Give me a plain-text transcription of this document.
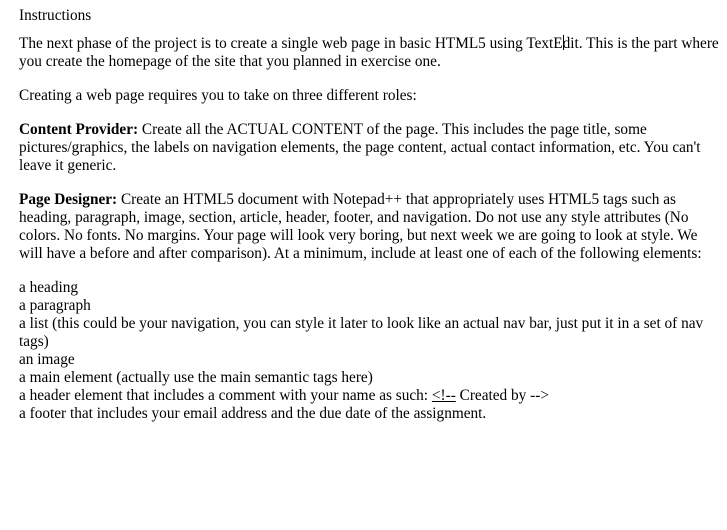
Instructions

The next phase of the project is to create a single web page in basic HTML5 using TextEdit. This is the part where you create the homepage of the site that you planned in exercise one.

Creating a web page requires you to take on three different roles:

Content Provider: Create all the ACTUAL CONTENT of the page. This includes the page title, some pictures/graphics, the labels on navigation elements, the page content, actual contact information, etc. You can't leave it generic.

Page Designer: Create an HTML5 document with Notepad++ that appropriately uses HTML5 tags such as heading, paragraph, image, section, article, header, footer, and navigation. Do not use any style attributes (No colors. No fonts. No margins. Your page will look very boring, but next week we are going to look at style. We will have a before and after comparison). At a minimum, include at least one of each of the following elements:

a heading
a paragraph
a list (this could be your navigation, you can style it later to look like an actual nav bar, just put it in a set of nav tags)
an image
a main element (actually use the main semantic tags here)
a header element that includes a comment with your name as such: <!-- Created by -->
a footer that includes your email address and the due date of the assignment.
